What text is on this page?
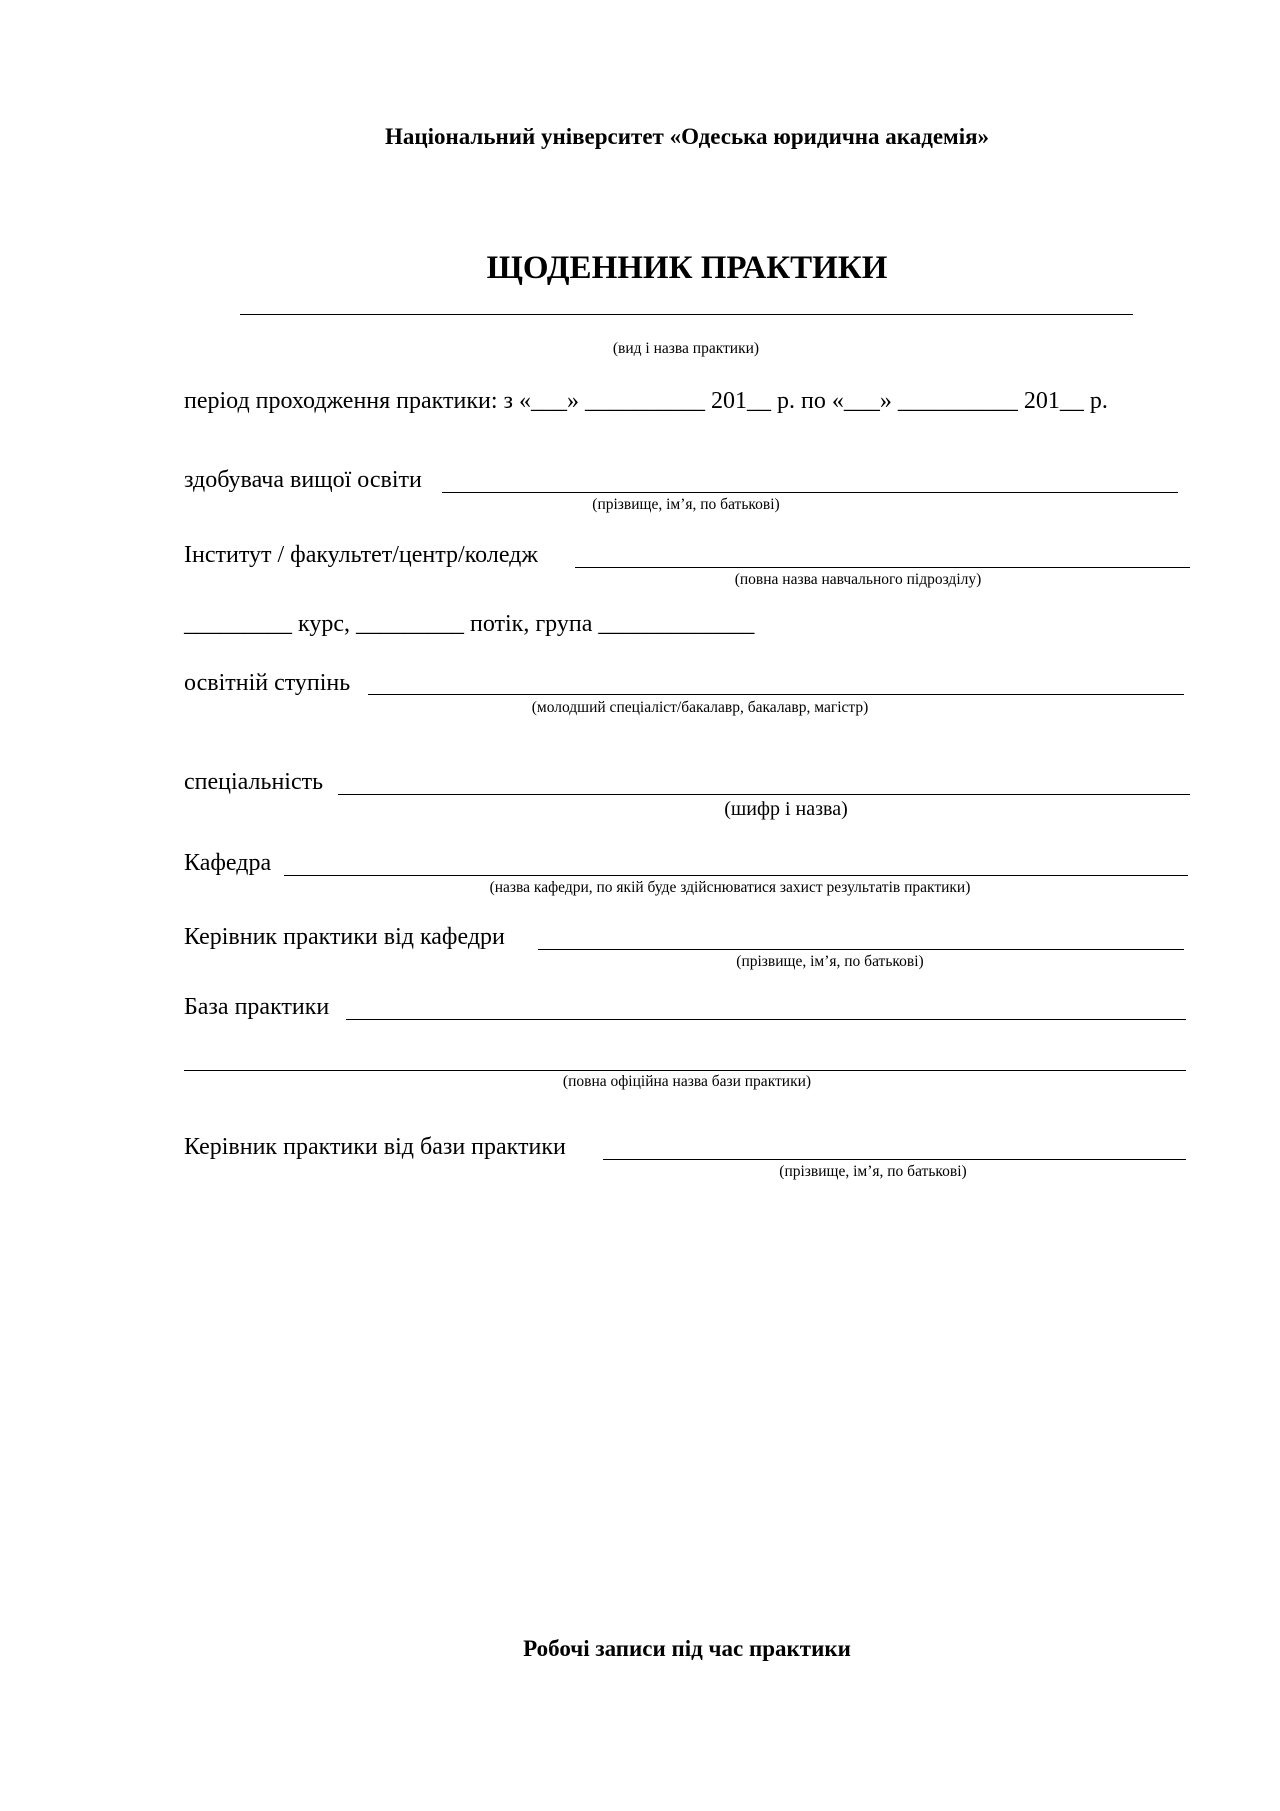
Національний університет «Одеська юридична академія»
ЩОДЕННИК ПРАКТИКИ
(вид і назва практики)
період проходження практики: з «___» __________ 201__ р. по «___» __________ 201__ р.
здобувача вищої освіти
(прізвище, ім’я, по батькові)
Інститут / факультет/центр/коледж
(повна назва навчального підрозділу)
_________ курс, _________ потік, група _____________
освітній ступінь
(молодший спеціаліст/бакалавр, бакалавр, магістр)
спеціальність
(шифр і назва)
Кафедра
(назва кафедри, по якій буде здійснюватися захист результатів практики)
Керівник практики від кафедри
(прізвище, ім’я, по батькові)
База практики
(повна офіційна назва бази практики)
Керівник практики від бази практики
(прізвище, ім’я, по батькові)
Робочі записи під час практики
